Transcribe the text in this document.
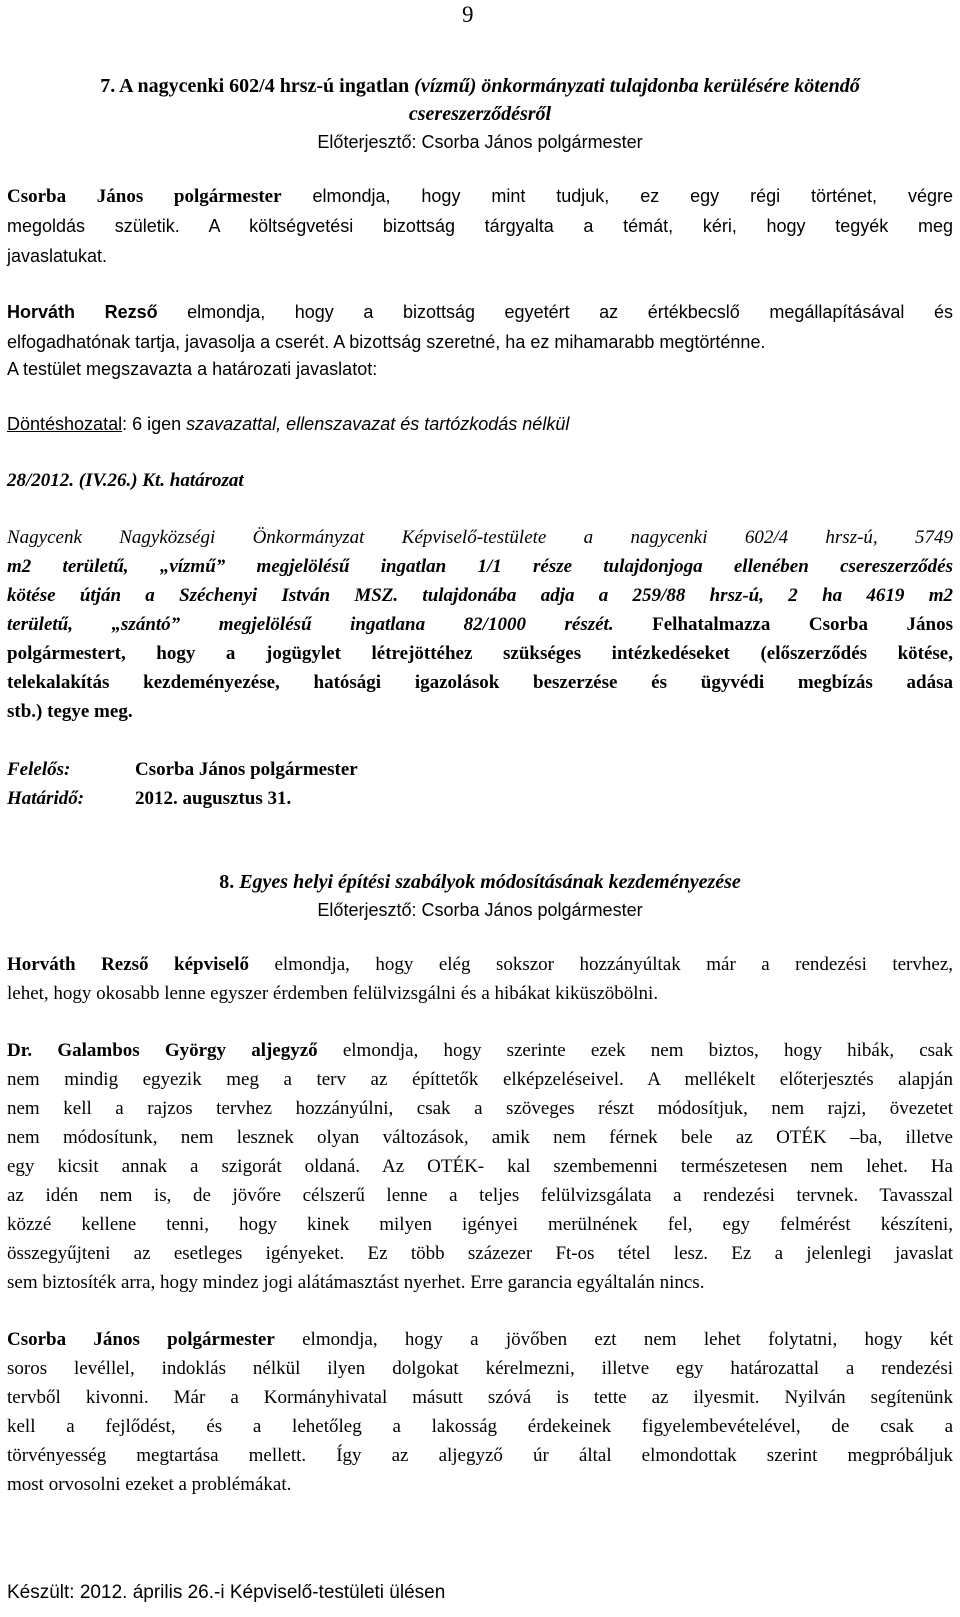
9
7. A nagycenki 602/4 hrsz-ú ingatlan (vízmű) önkormányzati tulajdonba kerülésére kötendő
csereszerződésről
Előterjesztő: Csorba János polgármester
Csorba János polgármester elmondja, hogy mint tudjuk, ez egy régi történet, végre
megoldás születik. A költségvetési bizottság tárgyalta a témát, kéri, hogy tegyék meg
javaslatukat.
Horváth Rezső elmondja, hogy a bizottság egyetért az értékbecslő megállapításával és
elfogadhatónak tartja, javasolja a cserét. A bizottság szeretné, ha ez mihamarabb megtörténne.
A testület megszavazta a határozati javaslatot:
Döntéshozatal: 6 igen szavazattal, ellenszavazat és tartózkodás nélkül
28/2012. (IV.26.) Kt. határozat
Nagycenk Nagyközségi Önkormányzat Képviselő-testülete a nagycenki 602/4 hrsz-ú, 5749
m2 területű, „vízmű” megjelölésű ingatlan 1/1 része tulajdonjoga ellenében csereszerződés
kötése útján a Széchenyi István MSZ. tulajdonába adja a 259/88 hrsz-ú, 2 ha 4619 m2
területű, „szántó” megjelölésű ingatlana 82/1000 részét. Felhatalmazza Csorba János
polgármestert, hogy a jogügylet létrejöttéhez szükséges intézkedéseket (előszerződés kötése,
telekalakítás kezdeményezése, hatósági igazolások beszerzése és ügyvédi megbízás adása
stb.) tegye meg.
Felelős:	Csorba János polgármester
Határidő:	2012. augusztus 31.
8. Egyes helyi építési szabályok módosításának kezdeményezése
Előterjesztő: Csorba János polgármester
Horváth Rezső képviselő elmondja, hogy elég sokszor hozzányúltak már a rendezési tervhez,
lehet, hogy okosabb lenne egyszer érdemben felülvizsgálni és a hibákat kiküszöbölni.
Dr. Galambos György aljegyző elmondja, hogy szerinte ezek nem biztos, hogy hibák, csak
nem mindig egyezik meg a terv az építtetők elképzeléseivel. A mellékelt előterjesztés alapján
nem kell a rajzos tervhez hozzányúlni, csak a szöveges részt módosítjuk, nem rajzi, övezetet
nem módosítunk, nem lesznek olyan változások, amik nem férnek bele az OTÉK –ba, illetve
egy kicsit annak a szigorát oldaná. Az OTÉK- kal szembemenni természetesen nem lehet. Ha
az idén nem is, de jövőre célszerű lenne a teljes felülvizsgálata a rendezési tervnek. Tavasszal
közzé kellene tenni, hogy kinek milyen igényei merülnének fel, egy felmérést készíteni,
összegyűjteni az esetleges igényeket. Ez több százezer Ft-os tétel lesz. Ez a jelenlegi javaslat
sem biztosíték arra, hogy mindez jogi alátámasztást nyerhet. Erre garancia egyáltalán nincs.
Csorba János polgármester elmondja, hogy a jövőben ezt nem lehet folytatni, hogy két
soros levéllel, indoklás nélkül ilyen dolgokat kérelmezni, illetve egy határozattal a rendezési
tervből kivonni. Már a Kormányhivatal másutt szóvá is tette az ilyesmit. Nyilván segítenünk
kell a fejlődést, és a lehetőleg a lakosság érdekeinek figyelembevételével, de csak a
törvényesség megtartása mellett. Így az aljegyző úr által elmondottak szerint megpróbáljuk
most orvosolni ezeket a problémákat.
Készült: 2012. április 26.-i Képviselő-testületi ülésen
